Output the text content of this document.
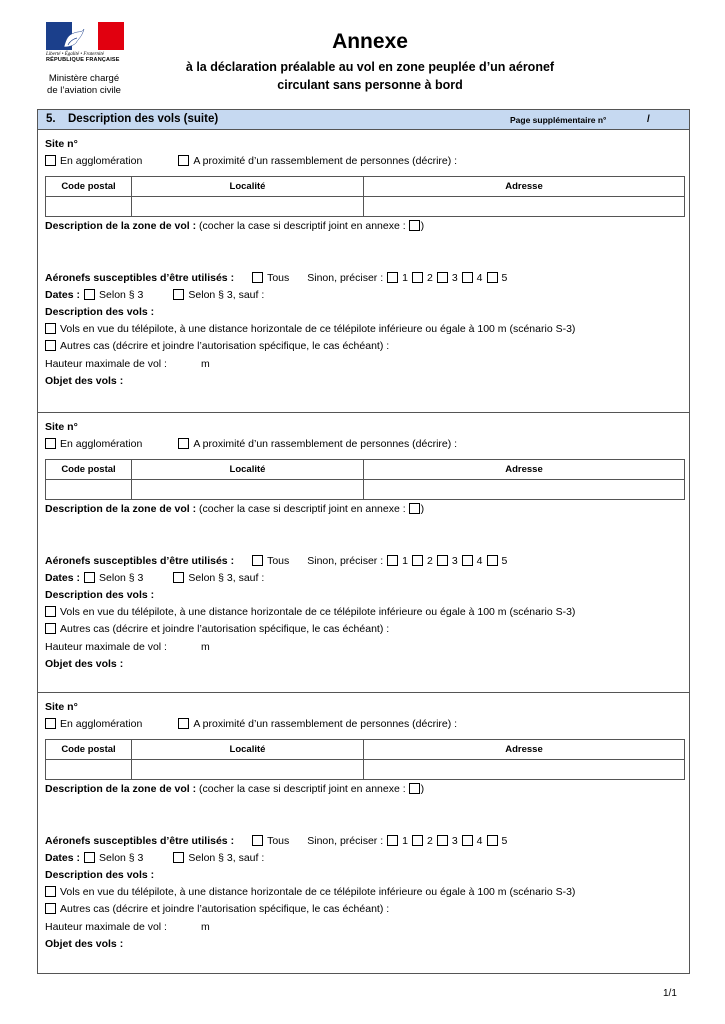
Liberté • Égalité • Fraternité
RÉPUBLIQUE FRANÇAISE
Ministère chargé
de l’aviation civile
Annexe
à la déclaration préalable au vol en zone peuplée d’un aéronef
circulant sans personne à bord
5. Description des vols (suite)	Page supplémentaire n°	/
Site n°
En agglomération	A proximité d’un rassemblement de personnes (décrire) :
Code postal	Localité	Adresse

Description de la zone de vol : (cocher la case si descriptif joint en annexe : )
Aéronefs susceptibles d’être utilisés :	Tous Sinon, préciser : 1 2 3 4 5
Dates : Selon § 3	Selon § 3, sauf :
Description des vols :
Vols en vue du télépilote, à une distance horizontale de ce télépilote inférieure ou égale à 100 m (scénario S-3)
Autres cas (décrire et joindre l’autorisation spécifique, le cas échéant) :
Hauteur maximale de vol :	m
Objet des vols :
Site n°
En agglomération	A proximité d’un rassemblement de personnes (décrire) :
Code postal	Localité	Adresse

Description de la zone de vol : (cocher la case si descriptif joint en annexe : )
Aéronefs susceptibles d’être utilisés :	Tous Sinon, préciser : 1 2 3 4 5
Dates : Selon § 3	Selon § 3, sauf :
Description des vols :
Vols en vue du télépilote, à une distance horizontale de ce télépilote inférieure ou égale à 100 m (scénario S-3)
Autres cas (décrire et joindre l’autorisation spécifique, le cas échéant) :
Hauteur maximale de vol :	m
Objet des vols :
Site n°
En agglomération	A proximité d’un rassemblement de personnes (décrire) :
Code postal	Localité	Adresse

Description de la zone de vol : (cocher la case si descriptif joint en annexe : )
Aéronefs susceptibles d’être utilisés :	Tous Sinon, préciser : 1 2 3 4 5
Dates : Selon § 3	Selon § 3, sauf :
Description des vols :
Vols en vue du télépilote, à une distance horizontale de ce télépilote inférieure ou égale à 100 m (scénario S-3)
Autres cas (décrire et joindre l’autorisation spécifique, le cas échéant) :
Hauteur maximale de vol :	m
Objet des vols :
1/1
